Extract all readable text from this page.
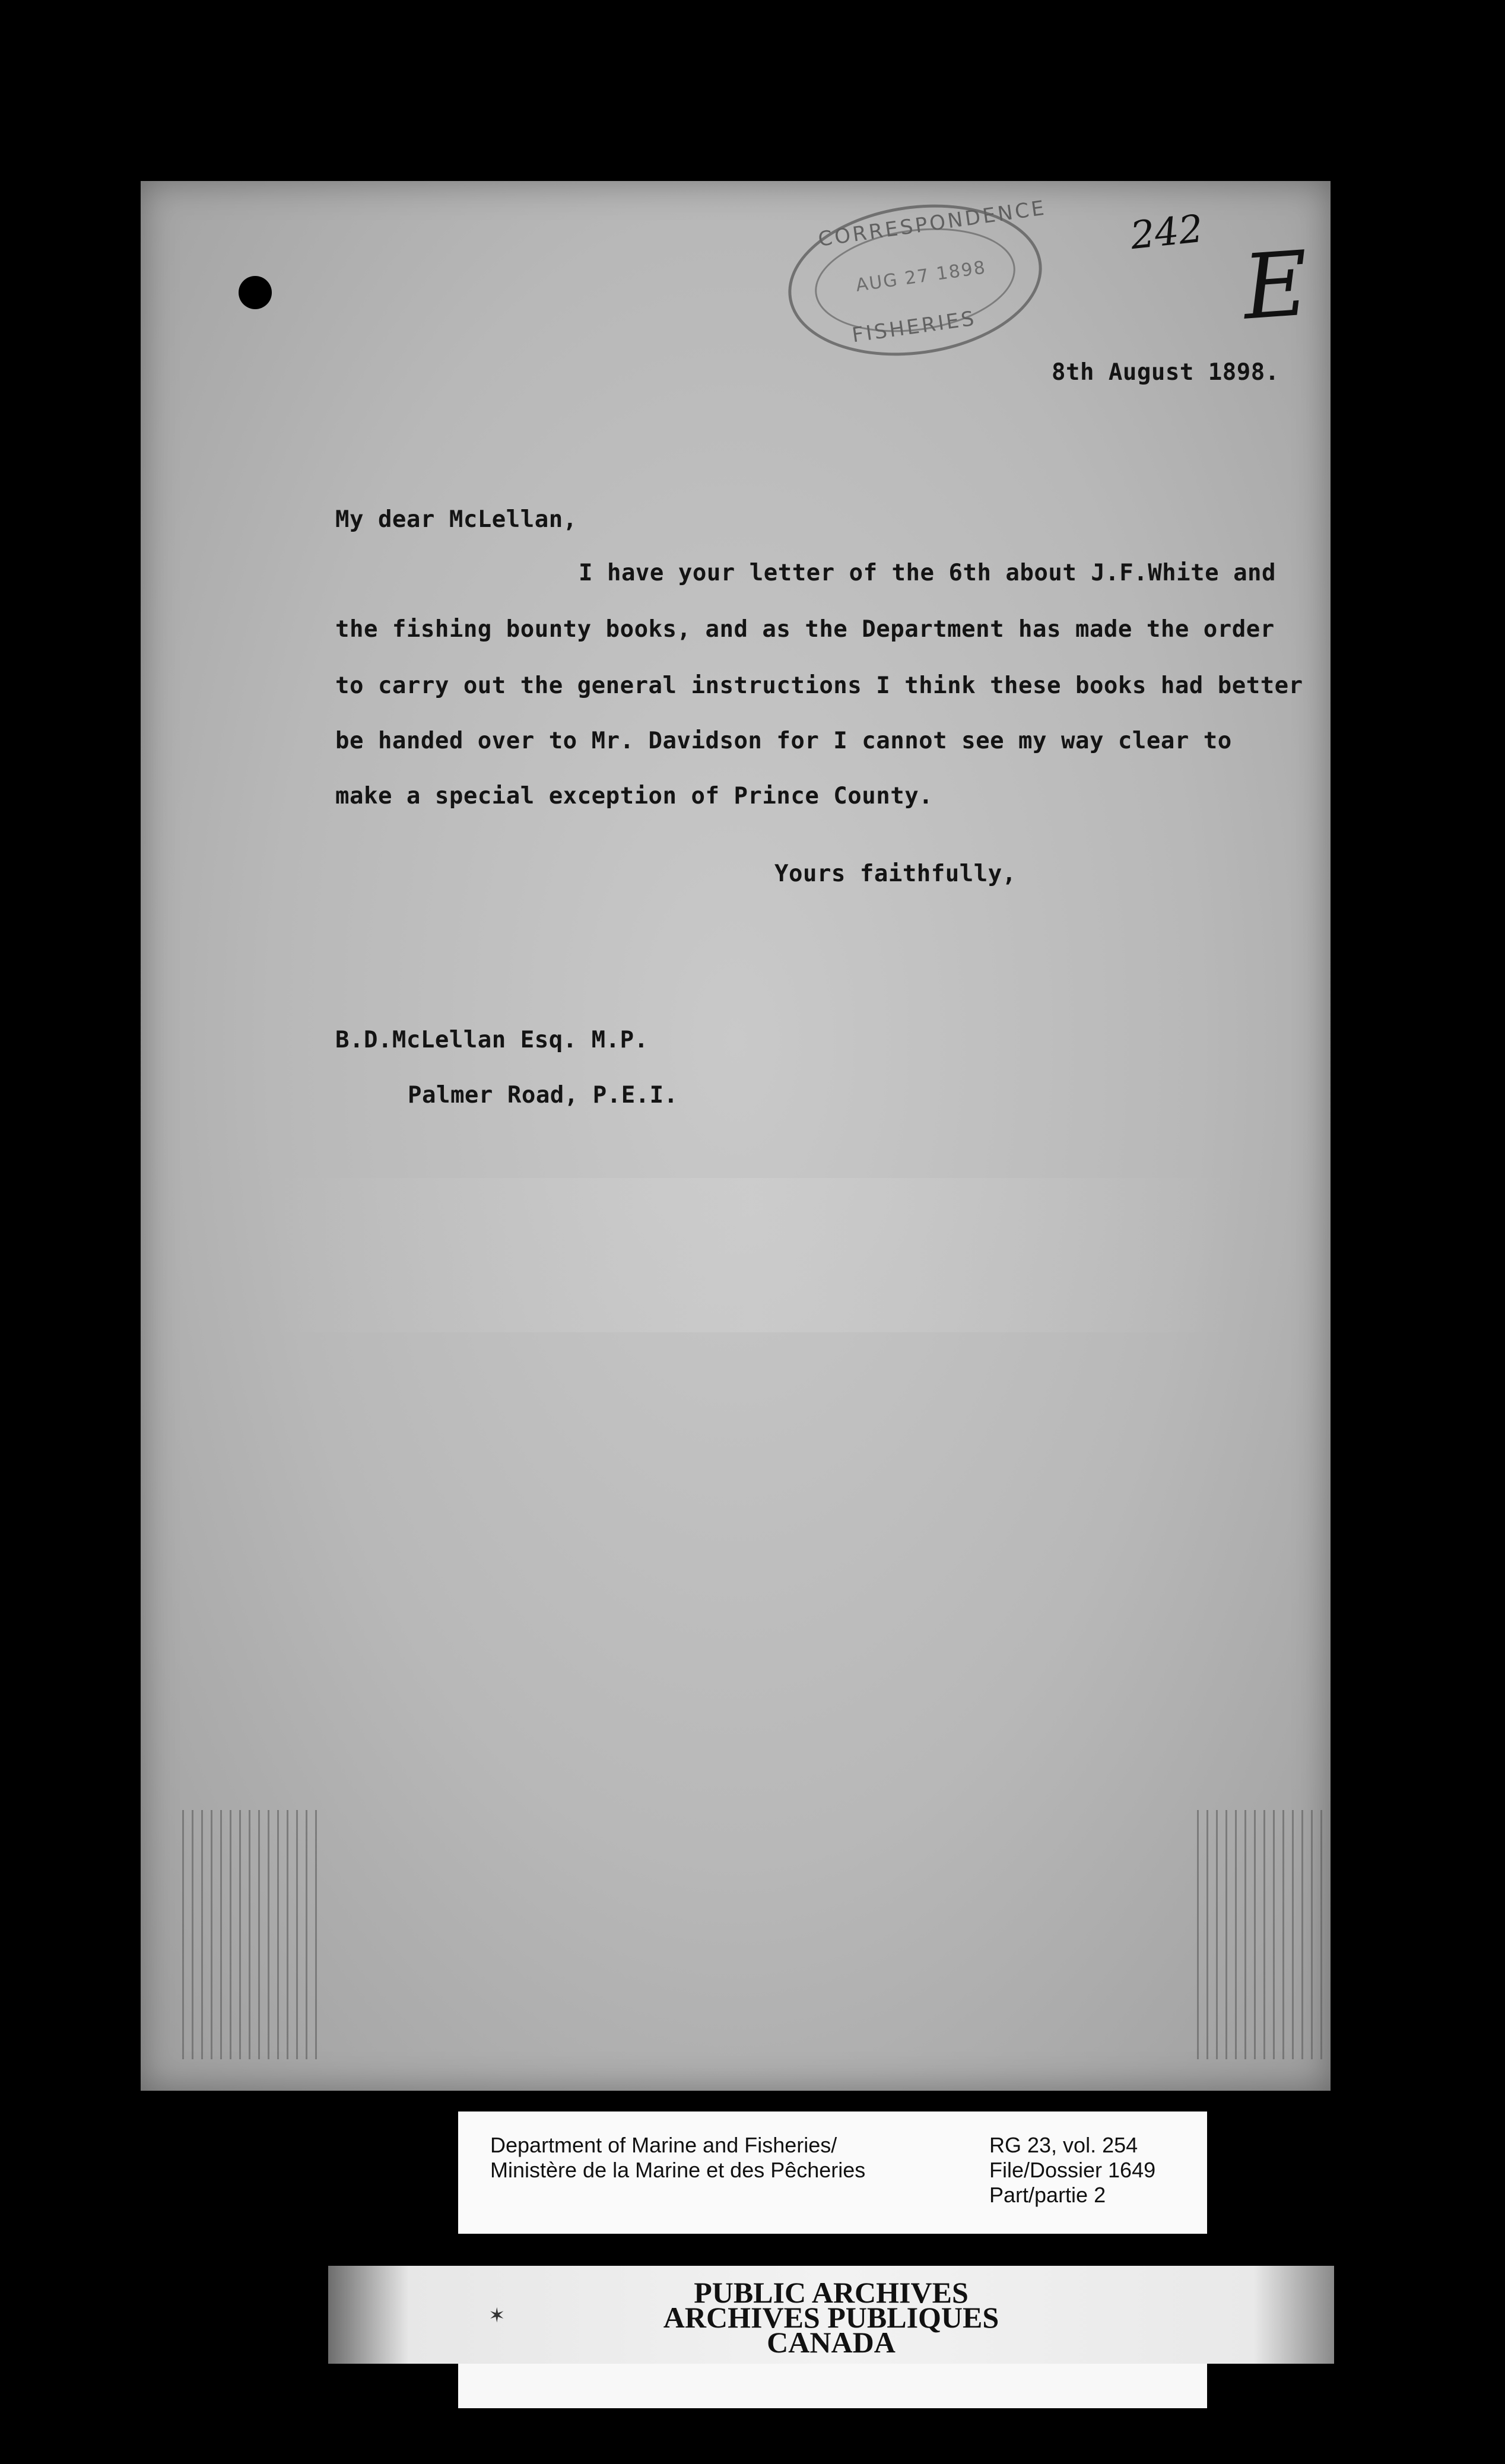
CORRESPONDENCE
AUG 27 1898
FISHERIES
242 E
8th August 1898.
My dear McLellan,
I have your letter of the 6th about J.F.White and
the fishing bounty books, and as the Department has made the order
to carry out the general instructions I think these books had better
be handed over to Mr. Davidson for I cannot see my way clear to
make a special exception of Prince County.
Yours faithfully,
B.D.McLellan Esq. M.P.
Palmer Road, P.E.I.
Department of Marine and Fisheries/
Ministère de la Marine et des Pêcheries
RG 23, vol. 254
File/Dossier 1649
Part/partie 2
✶
PUBLIC ARCHIVES
ARCHIVES PUBLIQUES
CANADA
